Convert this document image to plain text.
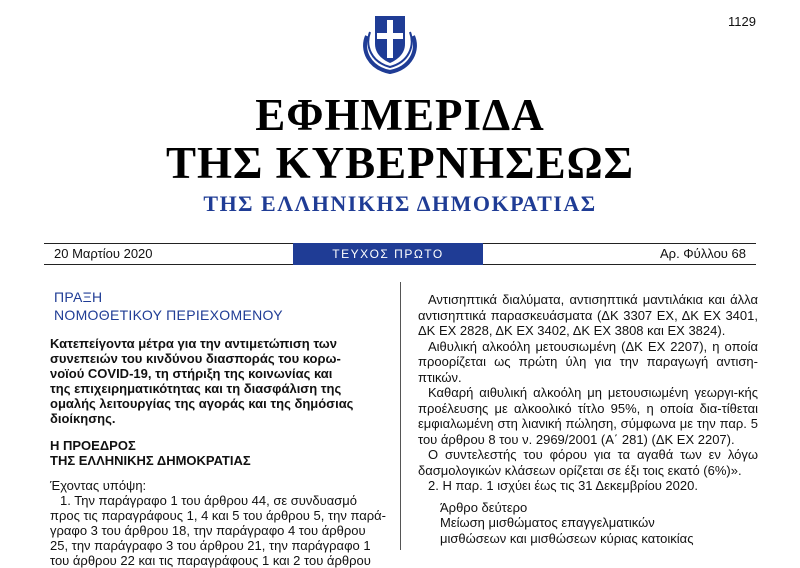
1129
ΕΦΗΜΕΡΙΔΑ
ΤΗΣ ΚΥΒΕΡΝΗΣΕΩΣ
ΤΗΣ ΕΛΛΗΝΙΚΗΣ ΔΗΜΟΚΡΑΤΙΑΣ
20 Μαρτίου 2020	ΤΕΥΧΟΣ ΠΡΩΤΟ	Αρ. Φύλλου 68
ΠΡΑΞΗ
ΝΟΜΟΘΕΤΙΚΟΥ ΠΕΡΙΕΧΟΜΕΝΟΥ
Κατεπείγοντα μέτρα για την αντιμετώπιση των
συνεπειών του κινδύνου διασποράς του κορω-
νοϊού COVID-19, τη στήριξη της κοινωνίας και
της επιχειρηματικότητας και τη διασφάλιση της
ομαλής λειτουργίας της αγοράς και της δημόσιας
διοίκησης.
Η ΠΡΟΕΔΡΟΣ
ΤΗΣ ΕΛΛΗΝΙΚΗΣ ΔΗΜΟΚΡΑΤΙΑΣ
Έχοντας υπόψη:
1. Την παράγραφο 1 του άρθρου 44, σε συνδυασμό
προς τις παραγράφους 1, 4 και 5 του άρθρου 5, την παρά-
γραφο 3 του άρθρου 18, την παράγραφο 4 του άρθρου
25, την παράγραφο 3 του άρθρου 21, την παράγραφο 1
του άρθρου 22 και τις παραγράφους 1 και 2 του άρθρου

Αντισηπτικά διαλύματα, αντισηπτικά μαντιλάκια και άλλα αντισηπτικά παρασκευάσματα (ΔΚ 3307 ΕΧ, ΔΚ ΕΧ 3401, ΔΚ ΕΧ 2828, ΔΚ ΕΧ 3402, ΔΚ ΕΧ 3808 και ΕΧ 3824).

Αιθυλική αλκοόλη μετουσιωμένη (ΔΚ ΕΧ 2207), η οποία προορίζεται ως πρώτη ύλη για την παραγωγή αντιση-πτικών.

Καθαρή αιθυλική αλκοόλη μη μετουσιωμένη γεωργι-κής προέλευσης με αλκοολικό τίτλο 95%, η οποία δια-τίθεται εμφιαλωμένη στη λιανική πώληση, σύμφωνα με την παρ. 5 του άρθρου 8 του ν. 2969/2001 (Α΄ 281) (ΔΚ ΕΧ 2207).

Ο συντελεστής του φόρου για τα αγαθά των εν λόγω δασμολογικών κλάσεων ορίζεται σε έξι τοις εκατό (6%)».

2. Η παρ. 1 ισχύει έως τις 31 Δεκεμβρίου 2020.

Άρθρο δεύτερο
Μείωση μισθώματος επαγγελματικών
μισθώσεων και μισθώσεων κύριας κατοικίας
